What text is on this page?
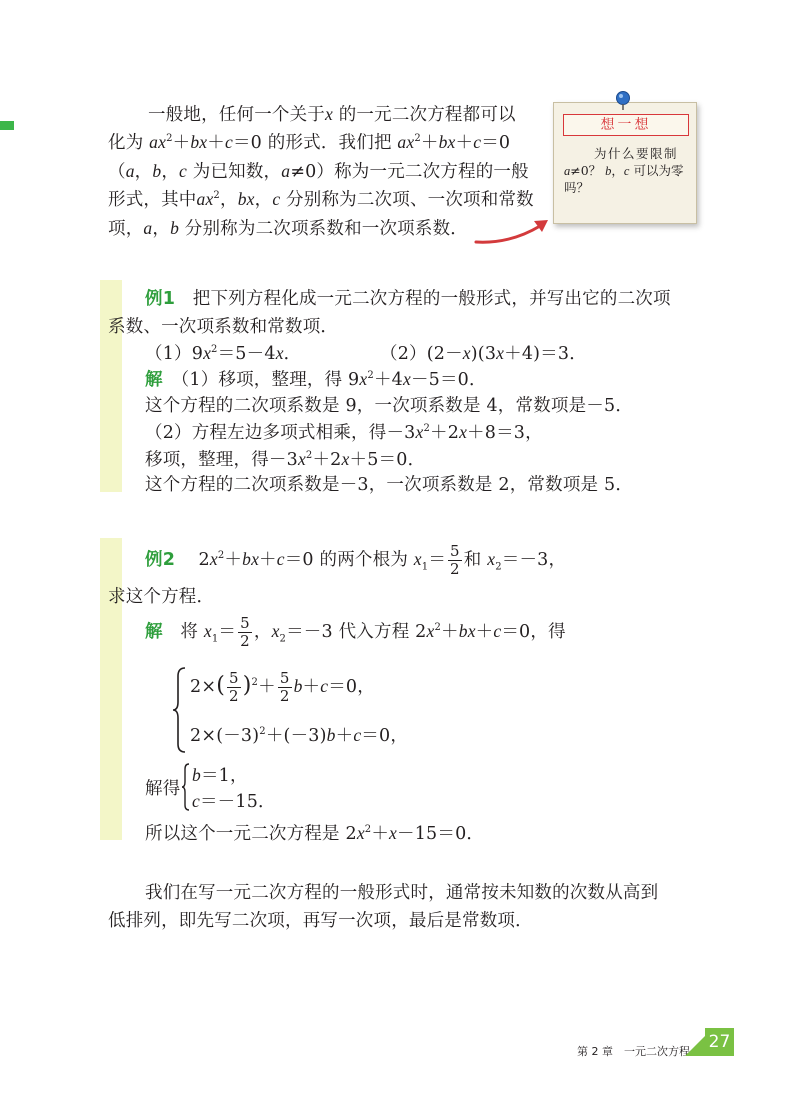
一般地，任何一个关于x 的一元二次方程都可以
化为 $ax^2+bx+c=0$ 的形式．我们把 $ax^2+bx+c=0$
（a，b，c 为已知数，a≠0）称为一元二次方程的一般
形式，其中$ax^2$，bx，c 分别称为二次项、一次项和常数
项，a，b 分别称为二次项系数和一次项系数．
想一想
为什么要限制
a≠0？ b，c 可以为零
吗？
例1　 把下列方程化成一元二次方程的一般形式，并写出它的二次项
系数、一次项系数和常数项．
$(1)9x^2=5-4x$．	（2）(2－x)(3x＋4)＝3．
解　 （1）移项，整理，得 $9x^2+4x-5=0$．
这个方程的二次项系数是 9，一次项系数是 4，常数项是－5．
（2）方程左边多项式相乘，得$-3x^2+2x+8=3$，
移项，整理，得$-3x^2+2x+5=0$．
这个方程的二次项系数是－3，一次项系数是 2，常数项是 5．
例2　 $2x^2+bx+c=0$ 的两个根为 $x_1= \frac{5}{2}$ 和 $x_2=-3$，
求这个方程．
解　 将 $x_1= \frac{5}{2}$ ，$x_2=-3$ 代入方程 $2x^2+bx+c=0$，得
$2\times( \frac{5}{2} )^2+ \frac{5}{2} b+c=0$，
$2\times(-3)^2+(-3)b+c=0$，
解得
b＝1，
c＝－15．
所以这个一元二次方程是 $2x^2+x-15=0$．
我们在写一元二次方程的一般形式时，通常按未知数的次数从高到
低排列，即先写二次项，再写一次项，最后是常数项．
第 2 章　一元二次方程 27
